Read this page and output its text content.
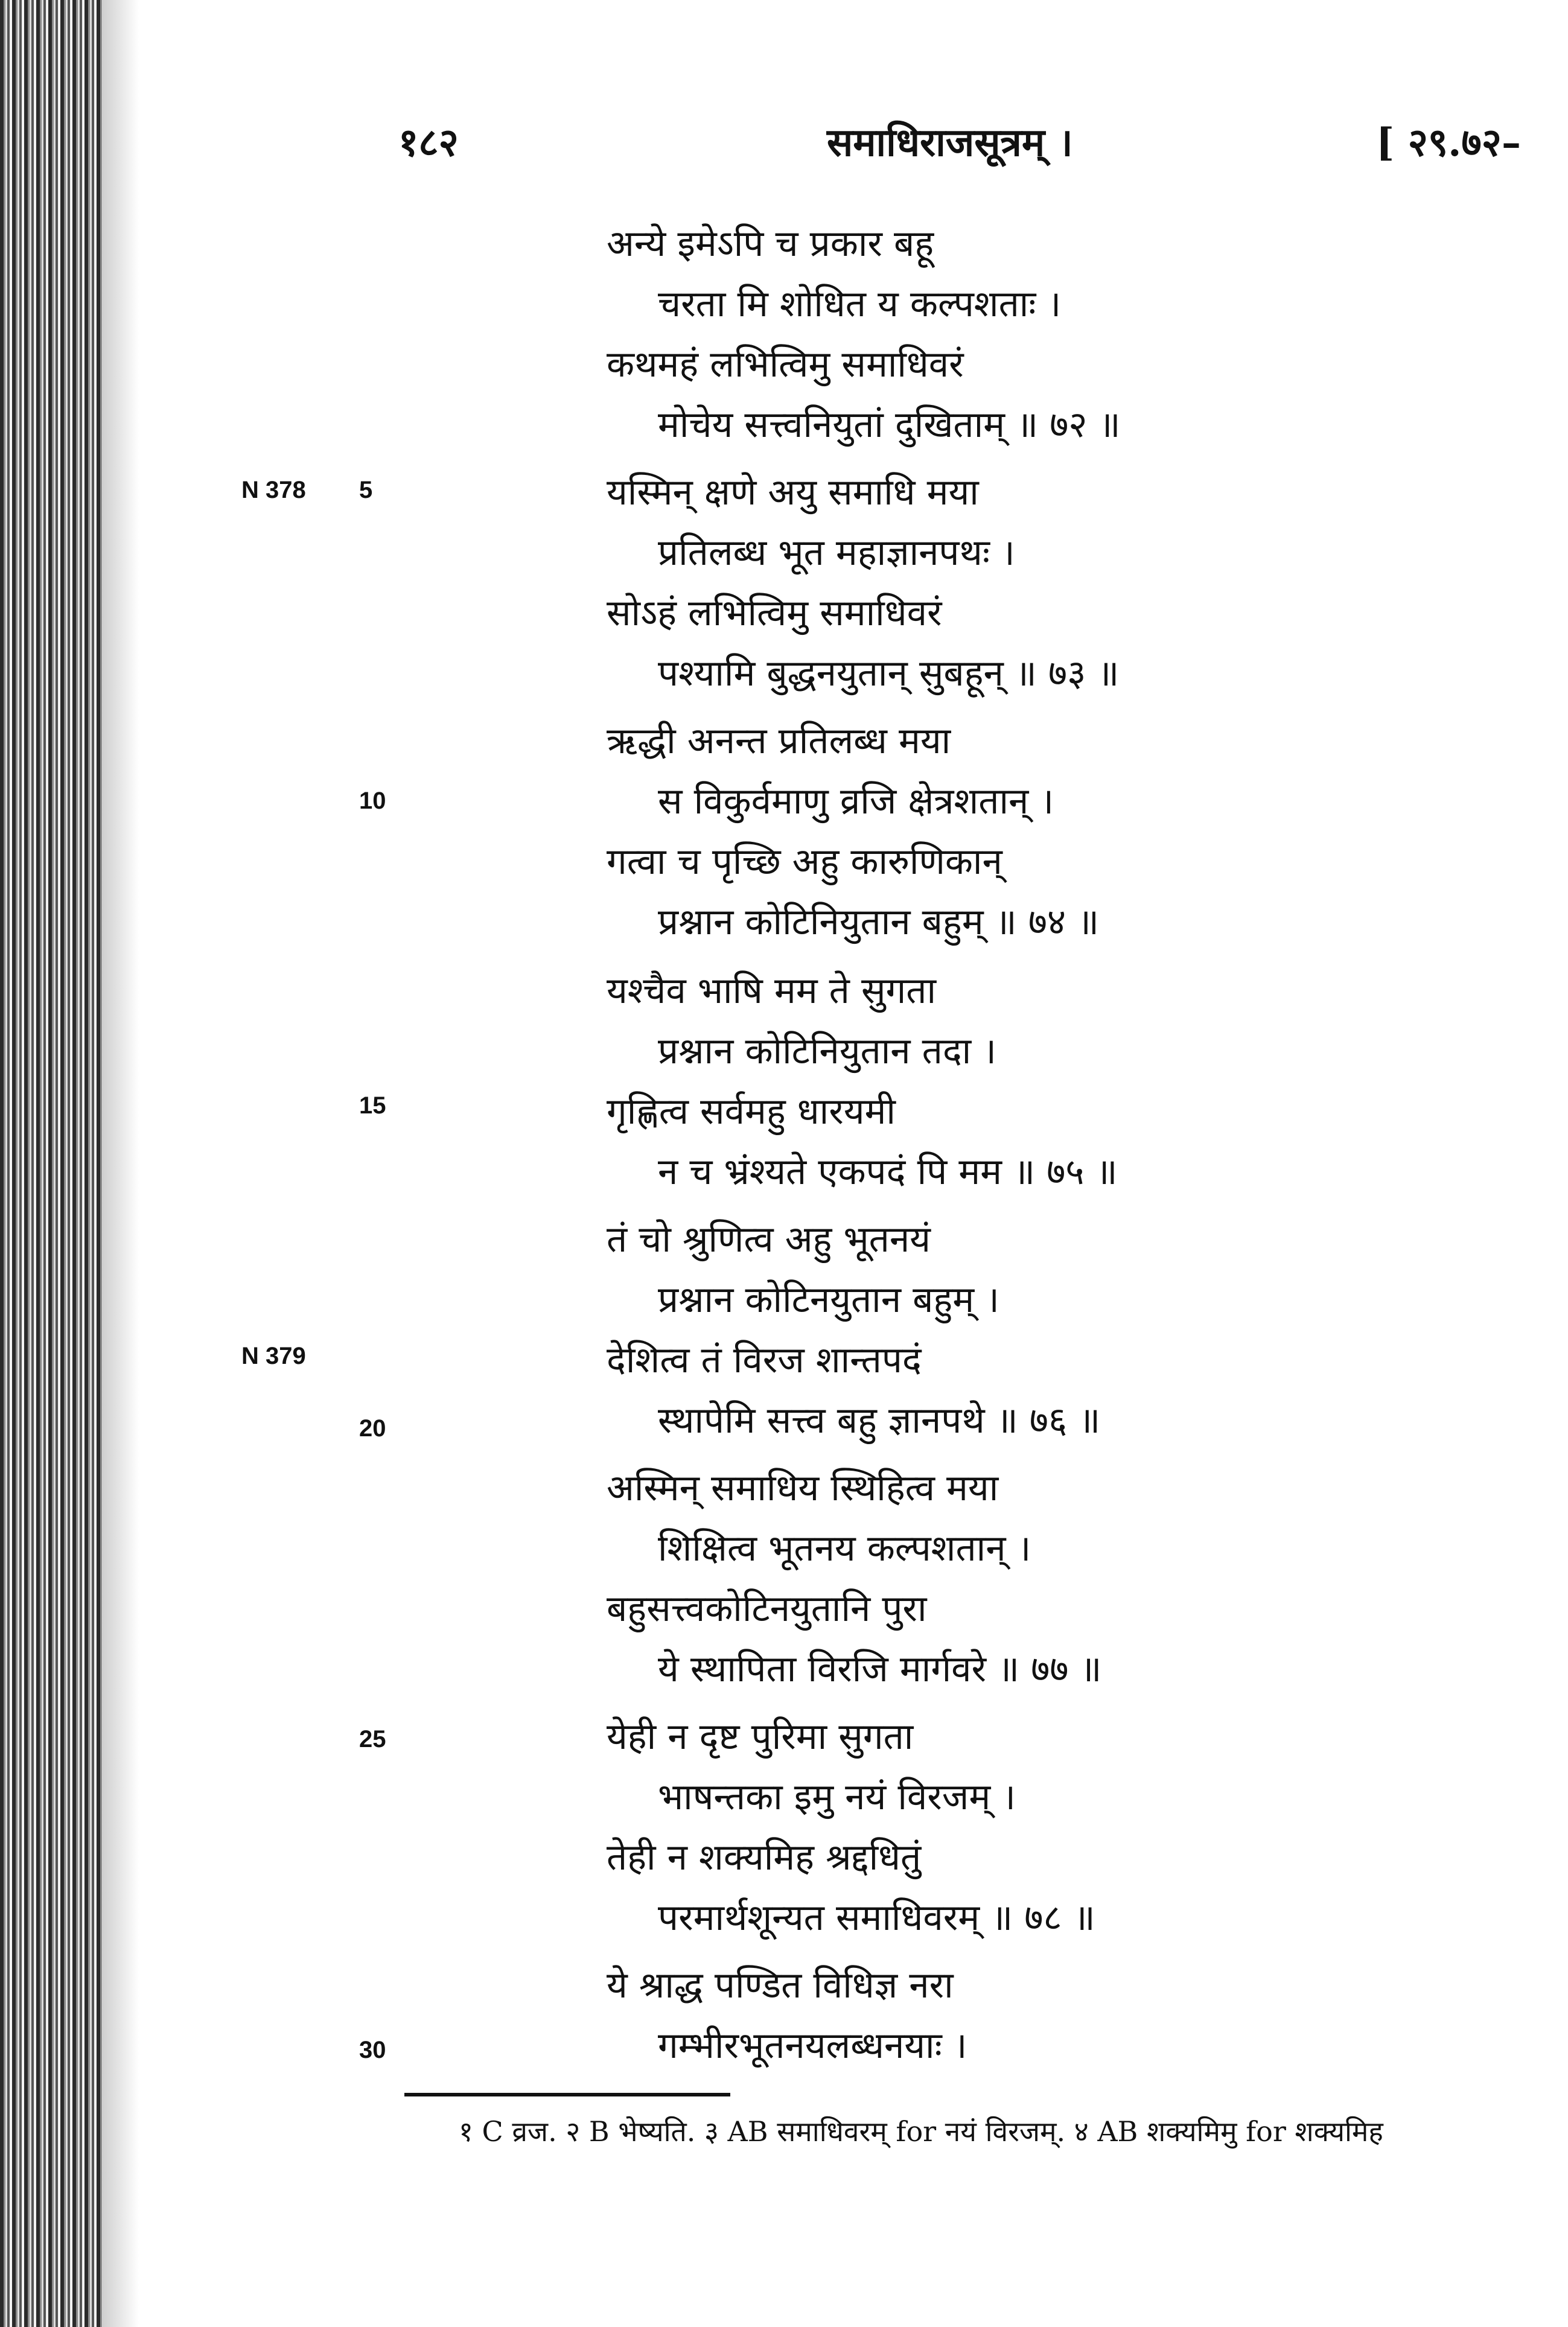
१८२	समाधिराजसूत्रम् ।	[ २९.७२–
N 378 5
10
15
N 379
20
25
30
अन्ये इमेऽपि च प्रकार बहू
चरता मि शोधित य कल्पशताः ।
कथमहं लभित्विमु समाधिवरं
मोचेय सत्त्वनियुतां दुखिताम् ॥ ७२ ॥
यस्मिन् क्षणे अयु समाधि मया
प्रतिलब्ध भूत महाज्ञानपथः ।
सोऽहं लभित्विमु समाधिवरं
पश्यामि बुद्धनयुतान् सुबहून् ॥ ७३ ॥
ऋद्धी अनन्त प्रतिलब्ध मया
स विकुर्वमाणु व्रजि क्षेत्रशतान् ।
गत्वा च पृच्छि अहु कारुणिकान्
प्रश्नान कोटिनियुतान बहुम् ॥ ७४ ॥
यश्चैव भाषि मम ते सुगता
प्रश्नान कोटिनियुतान तदा ।
गृह्णित्व सर्वमहु धारयमी
न च भ्रंश्यते एकपदं पि मम ॥ ७५ ॥
तं चो श्रुणित्व अहु भूतनयं
प्रश्नान कोटिनयुतान बहुम् ।
देशित्व तं विरज शान्तपदं
स्थापेमि सत्त्व बहु ज्ञानपथे ॥ ७६ ॥
अस्मिन् समाधिय स्थिहित्व मया
शिक्षित्व भूतनय कल्पशतान् ।
बहुसत्त्वकोटिनयुतानि पुरा
ये स्थापिता विरजि मार्गवरे ॥ ७७ ॥
येही न दृष्ट पुरिमा सुगता
भाषन्तका इमु नयं विरजम् ।
तेही न शक्यमिह श्रद्दधितुं
परमार्थशून्यत समाधिवरम् ॥ ७८ ॥
ये श्राद्ध पण्डित विधिज्ञ नरा
गम्भीरभूतनयलब्धनयाः ।
१ C व्रज. २ B भेष्यति. ३ AB समाधिवरम् for नयं विरजम्. ४ AB शक्यमिमु for शक्यमिह
